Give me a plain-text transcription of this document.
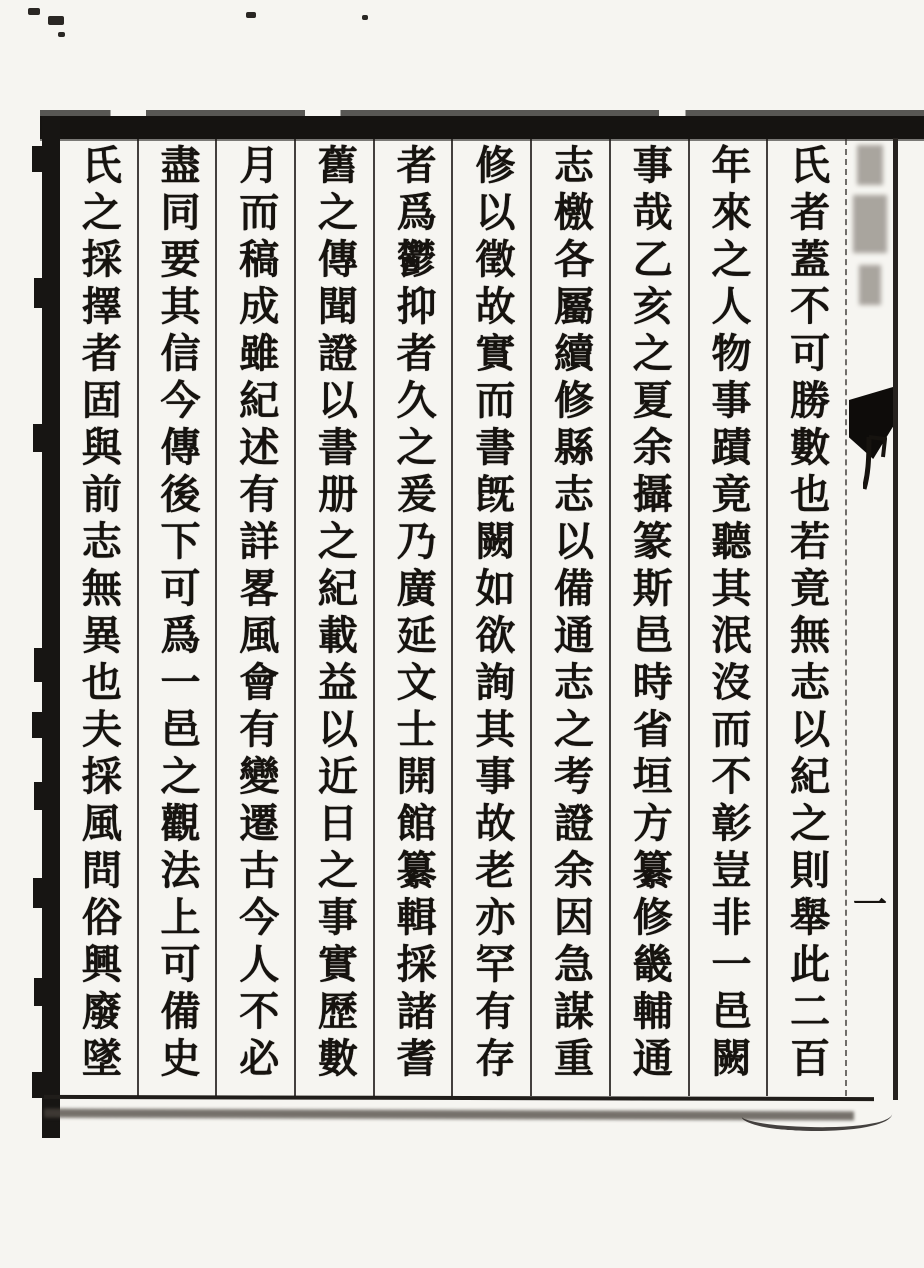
一
氏者蓋不可勝數也若竟無志以紀之則舉此二百
年來之人物事蹟竟聽其泯沒而不彰豈非一邑闕
事哉乙亥之夏余攝篆斯邑時省垣方纂修畿輔通
志檄各屬續修縣志以備通志之考證余因急謀重
修以徵故實而書旣闕如欲詢其事故老亦罕有存
者爲鬱抑者久之爰乃廣延文士開館纂輯採諸耆
舊之傳聞證以書册之紀載益以近日之事實歷數
月而稿成雖紀述有詳畧風會有變遷古今人不必
盡同要其信今傳後下可爲一邑之觀法上可備史
氏之採擇者固與前志無異也夫採風問俗興廢墜
